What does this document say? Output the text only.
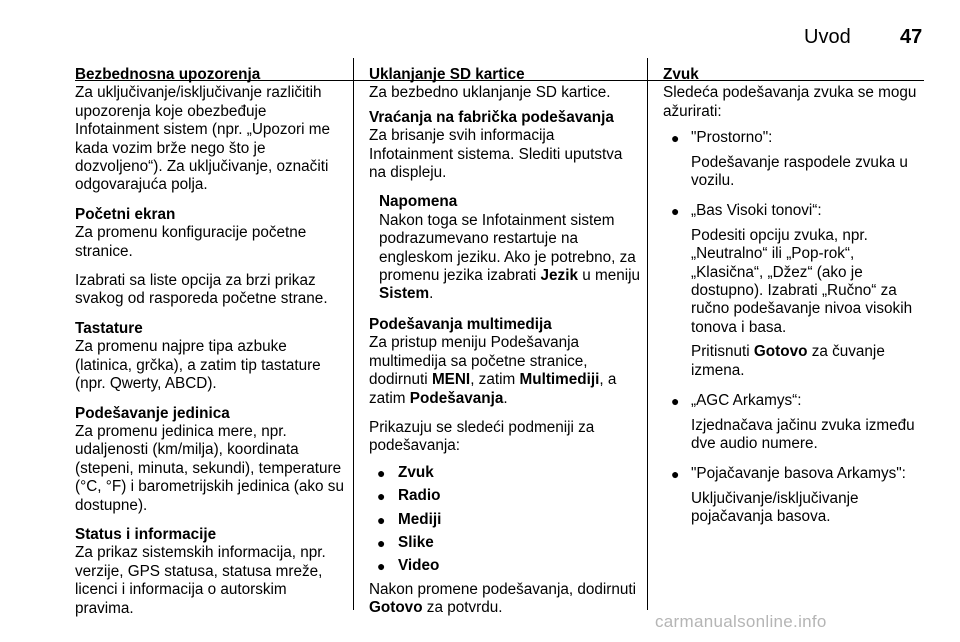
Uvod 47
Bezbednosna upozorenja

Za uključivanje/isključivanje različitih upozorenja koje obezbeđuje Infotainment sistem (npr. „Upozori me kada vozim brže nego što je dozvoljeno“). Za uključivanje, označiti odgovarajuća polja.

Početni ekran

Za promenu konfiguracije početne stranice.

Izabrati sa liste opcija za brzi prikaz svakog od rasporeda početne strane.

Tastature

Za promenu najpre tipa azbuke (latinica, grčka), a zatim tip tastature (npr. Qwerty, ABCD).

Podešavanje jedinica

Za promenu jedinica mere, npr. udaljenosti (km/milja), koordinata (stepeni, minuta, sekundi), temperature (°C, °F) i barometrijskih jedinica (ako su dostupne).

Status i informacije

Za prikaz sistemskih informacija, npr. verzije, GPS statusa, statusa mreže, licenci i informacija o autorskim pravima.

Uklanjanje SD kartice

Za bezbedno uklanjanje SD kartice.

Vraćanja na fabrička podešavanja

Za brisanje svih informacija Infotainment sistema. Slediti uputstva na displeju.

Napomena

Nakon toga se Infotainment sistem podrazumevano restartuje na engleskom jeziku. Ako je potrebno, za promenu jezika izabrati Jezik u meniju Sistem.

Podešavanja multimedija

Za pristup meniju Podešavanja multimedija sa početne stranice, dodirnuti MENI, zatim Multimediji, a zatim Podešavanja.

Prikazuju se sledeći podmeniji za podešavanja:

● Zvuk
● Radio
● Mediji
● Slike
● Video

Nakon promene podešavanja, dodirnuti Gotovo za potvrdu.

Zvuk

Sledeća podešavanja zvuka se mogu ažurirati:

● "Prostorno":
Podešavanje raspodele zvuka u vozilu.
● „Bas Visoki tonovi“:
Podesiti opciju zvuka, npr. „Neutralno“ ili „Pop-rok“, „Klasična“, „Džez“ (ako je dostupno). Izabrati „Ručno“ za ručno podešavanje nivoa visokih tonova i basa.
Pritisnuti Gotovo za čuvanje izmena.
● „AGC Arkamys“:
Izjednačava jačinu zvuka između dve audio numere.
● "Pojačavanje basova Arkamys":
Uključivanje/isključivanje pojačavanja basova.
carmanualsonline.info
